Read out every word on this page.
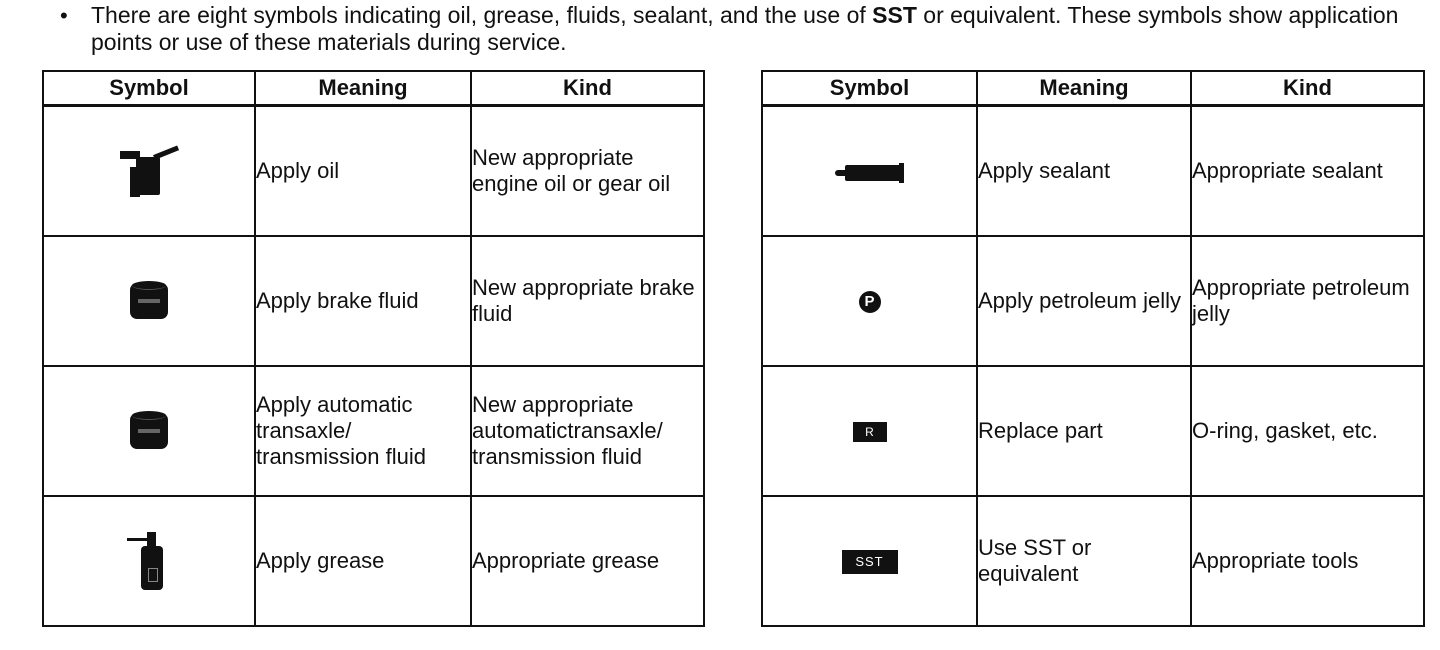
•	There are eight symbols indicating oil, grease, fluids, sealant, and the use of SST or equivalent. These symbols show application points or use of these materials during service.
Symbol	Meaning	Kind

	Apply oil	New appropriate engine oil or gear oil

	Apply brake fluid	New appropriate brake fluid

	Apply automatic transaxle/ transmission fluid	New appropriate automatictransaxle/ transmission fluid

	Apply grease	Appropriate grease
Symbol	Meaning	Kind

	Apply sealant	Appropriate sealant
P	Apply petroleum jelly	Appropriate petroleum jelly
R	Replace part	O-ring, gasket, etc.
SST	Use SST or equivalent	Appropriate tools
